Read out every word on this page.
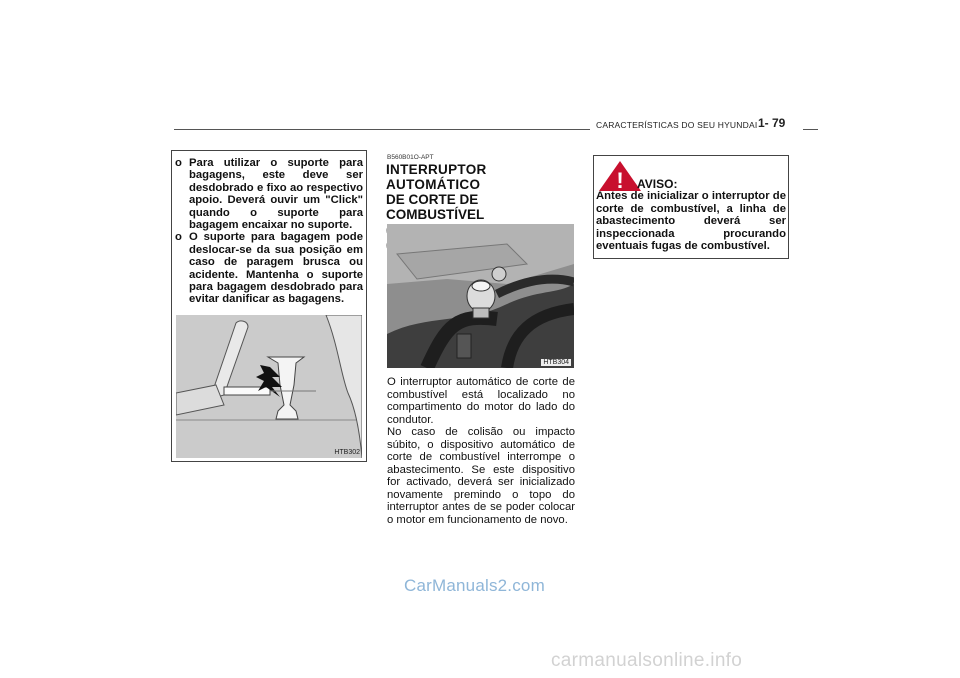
CARACTERÍSTICAS DO SEU HYUNDAI 1- 79
o Para utilizar o suporte para bagagens, este deve ser desdobrado e fixo ao respectivo apoio. Deverá ouvir um "Click" quando o suporte para bagagem encaixar no suporte.
o O suporte para bagagem pode deslocar-se da sua posição em caso de paragem brusca ou acidente. Mantenha o suporte para bagagem desdobrado para evitar danificar as bagagens.
HTB302
B560B01O-APT
INTERRUPTOR AUTOMÁTICO
DE CORTE DE COMBUSTÍVEL
HTB304

O interruptor automático de corte de combustível está localizado no compartimento do motor do lado do condutor.

No caso de colisão ou impacto súbito, o dispositivo automático de corte de combustível interrompe o abastecimento. Se este dispositivo for activado, deverá ser inicializado novamente premindo o topo do interruptor antes de se poder colocar o motor em funcionamento de novo.

! AVISO:
Antes de inicializar o interruptor de corte de combustível, a linha de abastecimento deverá ser inspeccionada procurando eventuais fugas de combustível.
CarManuals2.com
carmanualsonline.info
